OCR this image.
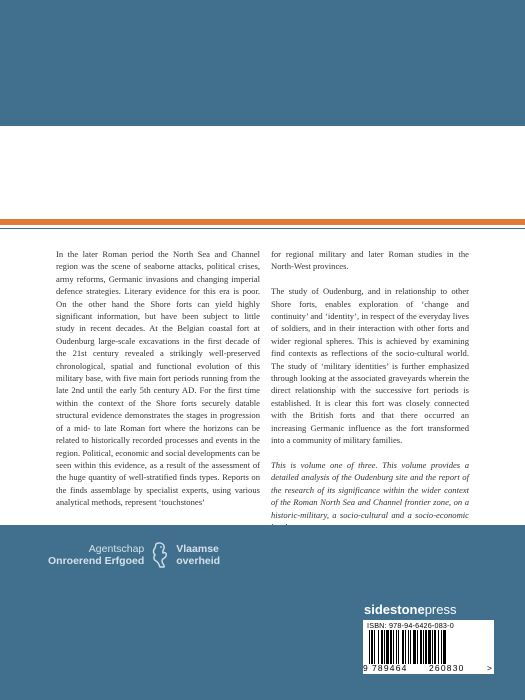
In the later Roman period the North Sea and Channel region was the scene of seaborne attacks, political crises, army reforms, Germanic invasions and changing imperial defence strategies. Literary evidence for this era is poor. On the other hand the Shore forts can yield highly significant information, but have been subject to little study in recent decades. At the Belgian coastal fort at Oudenburg large-scale excavations in the first decade of the 21st century revealed a strikingly well-preserved chronological, spatial and functional evolution of this military base, with five main fort periods running from the late 2nd until the early 5th century AD. For the first time within the context of the Shore forts securely datable structural evidence demonstrates the stages in progression of a mid- to late Roman fort where the horizons can be related to historically recorded processes and events in the region. Political, economic and social developments can be seen within this evidence, as a result of the assessment of the huge quantity of well-stratified finds types. Reports on the finds assemblage by specialist experts, using various analytical methods, represent ‘touchstones’

for regional military and later Roman studies in the North-West provinces.

The study of Oudenburg, and in relationship to other Shore forts, enables exploration of ‘change and continuity’ and ‘identity’, in respect of the everyday lives of soldiers, and in their interaction with other forts and wider regional spheres. This is achieved by examining find contexts as reflections of the socio-cultural world. The study of ‘military identities’ is further emphasized through looking at the associated graveyards wherein the direct relationship with the successive fort periods is established. It is clear this fort was closely connected with the British forts and that there occurred an increasing Germanic influence as the fort transformed into a community of military families.

This is volume one of three. This volume provides a detailed analysis of the Oudenburg site and the report of the research of its significance within the wider context of the Roman North Sea and Channel frontier zone, on a historic-military, a socio-cultural and a socio-economic

Agentschap
Onroerend Erfgoed
Vlaamse
overheid
sidestonepress
ISBN: 978-94-6426-083-0
9 789464	260830	>
